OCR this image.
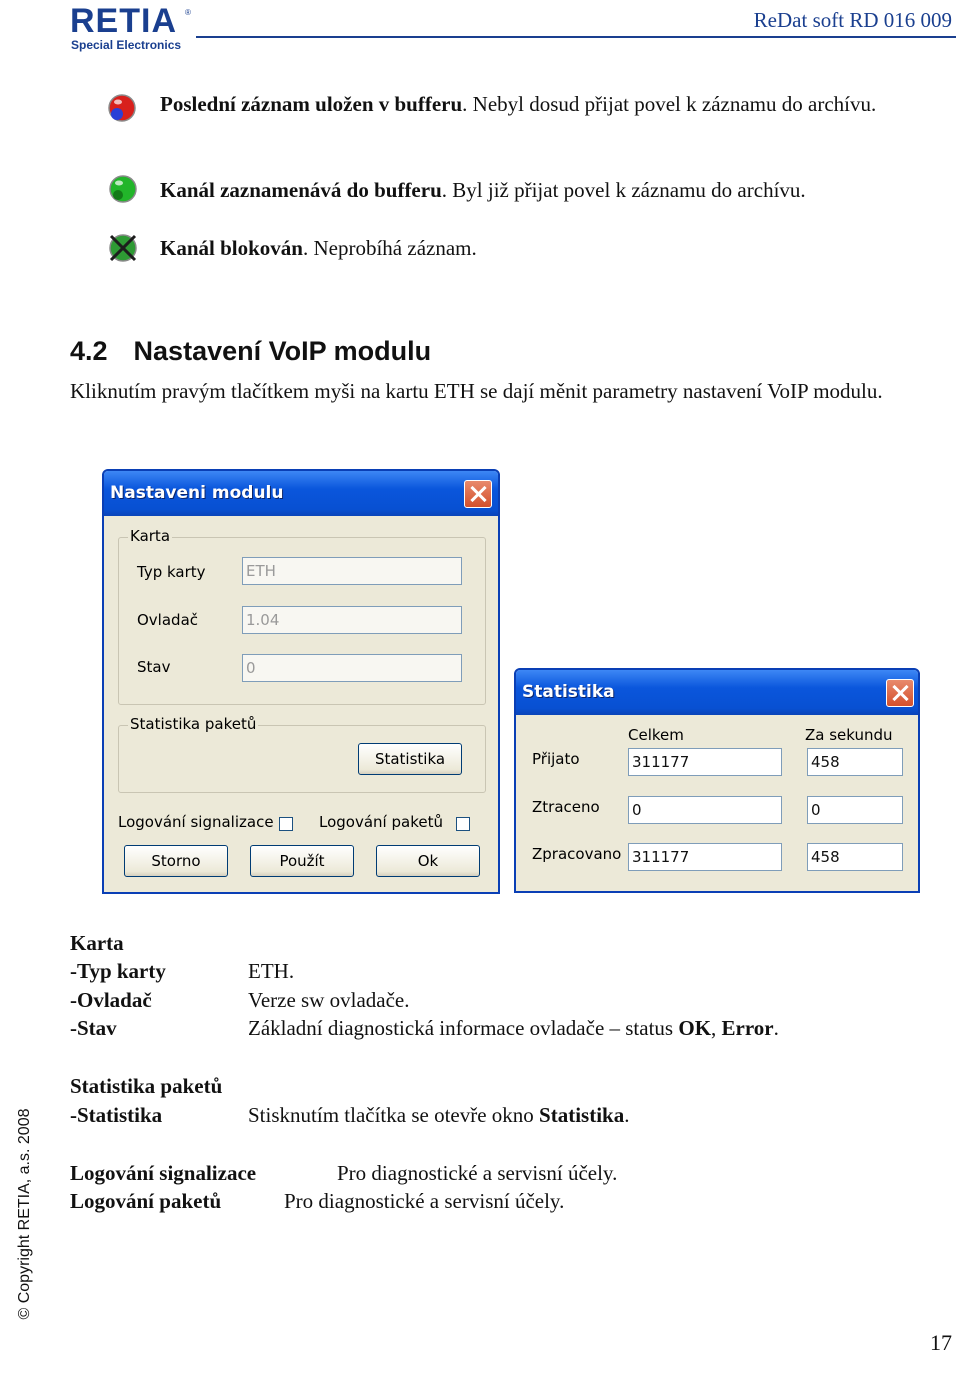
RETIA ®
Special Electronics
ReDat soft RD 016 009
Poslední záznam uložen v bufferu. Nebyl dosud přijat povel k záznamu do archívu.
Kanál zaznamenává do bufferu. Byl již přijat povel k záznamu do archívu.
Kanál blokován. Neprobíhá záznam.
4.2 Nastavení VoIP modulu
Kliknutím pravým tlačítkem myši na kartu ETH se dají měnit parametry nastavení VoIP modulu.
Nastaveni modulu
Karta
Typ karty	ETH
Ovladač	1.04
Stav	0
Statistika paketů
Statistika
Logování signalizace	Logování paketů
Storno	Použít	Ok
Statistika
Celkem	Za sekundu
Přijato	311177	458
Ztraceno 0	0
Zpracovano 311177	458
Karta
-Typ karty	ETH.
-Ovladač	Verze sw ovladače.
-Stav	Základní diagnostická informace ovladače – status OK, Error.
Statistika paketů
-Statistika	Stisknutím tlačítka se otevře okno Statistika.
Logování signalizace	Pro diagnostické a servisní účely.
Logování paketů	Pro diagnostické a servisní účely.
© Copyright RETIA, a.s. 2008
17
